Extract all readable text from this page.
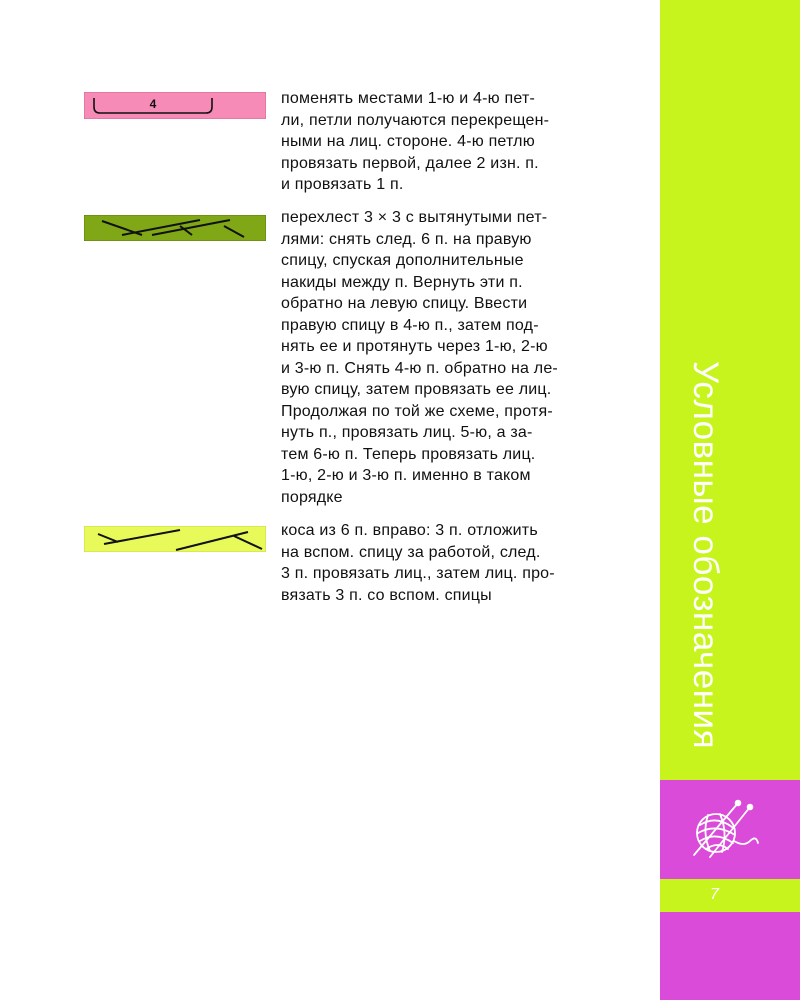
4	поменять местами 1-ю и 4-ю пет-
ли, петли получаются перекрещен-
ными на лиц. стороне. 4-ю петлю
провязать первой, далее 2 изн. п.
и провязать 1 п.
перехлест 3 × 3 с вытянутыми пет-
лями: снять след. 6 п. на правую
спицу, спуская дополнительные
накиды между п. Вернуть эти п.
обратно на левую спицу. Ввести
правую спицу в 4-ю п., затем под-
нять ее и протянуть через 1-ю, 2-ю
и 3-ю п. Снять 4-ю п. обратно на ле-
вую спицу, затем провязать ее лиц.
Продолжая по той же схеме, протя-
нуть п., провязать лиц. 5-ю, а за-
тем 6-ю п. Теперь провязать лиц.
1-ю, 2-ю и 3-ю п. именно в таком
порядке
коса из 6 п. вправо: 3 п. отложить
на вспом. спицу за работой, след.
3 п. провязать лиц., затем лиц. про-
вязать 3 п. со вспом. спицы	Условные обозначения
7
